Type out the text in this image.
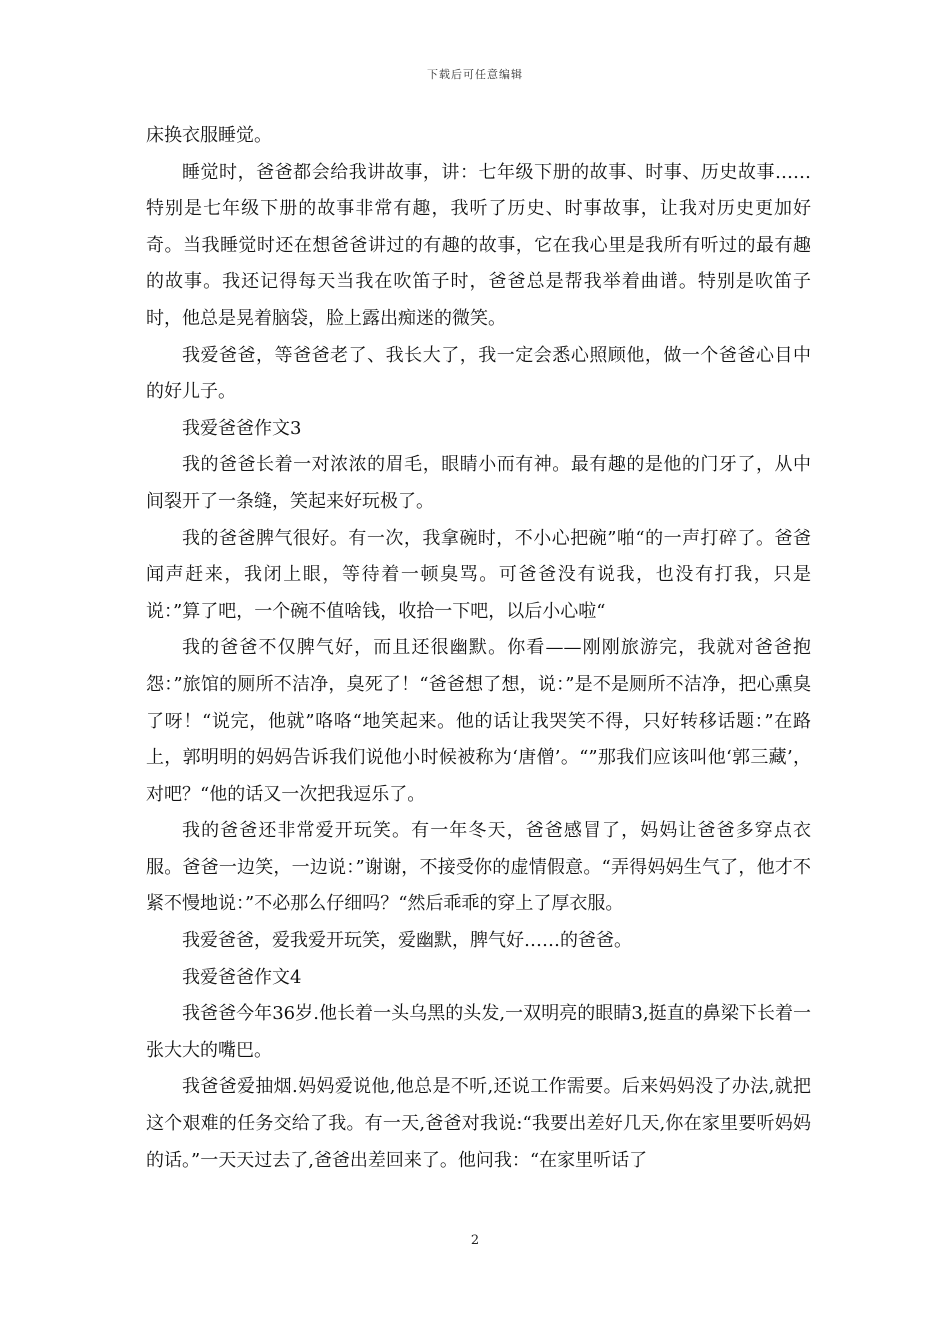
下载后可任意编辑

床换衣服睡觉。

睡觉时，爸爸都会给我讲故事，讲：七年级下册的故事、时事、历史故事……特别是七年级下册的故事非常有趣，我听了历史、时事故事，让我对历史更加好奇。当我睡觉时还在想爸爸讲过的有趣的故事，它在我心里是我所有听过的最有趣的故事。我还记得每天当我在吹笛子时，爸爸总是帮我举着曲谱。特别是吹笛子时，他总是晃着脑袋，脸上露出痴迷的微笑。

我爱爸爸，等爸爸老了、我长大了，我一定会悉心照顾他，做一个爸爸心目中的好儿子。

我爱爸爸作文3

我的爸爸长着一对浓浓的眉毛，眼睛小而有神。最有趣的是他的门牙了，从中间裂开了一条缝，笑起来好玩极了。

我的爸爸脾气很好。有一次，我拿碗时，不小心把碗”啪“的一声打碎了。爸爸闻声赶来，我闭上眼，等待着一顿臭骂。可爸爸没有说我，也没有打我，只是说：”算了吧，一个碗不值啥钱，收拾一下吧，以后小心啦“

我的爸爸不仅脾气好，而且还很幽默。你看——刚刚旅游完，我就对爸爸抱怨：”旅馆的厕所不洁净，臭死了！“爸爸想了想，说：”是不是厕所不洁净，把心熏臭了呀！“说完，他就”咯咯“地笑起来。他的话让我哭笑不得，只好转移话题：”在路上，郭明明的妈妈告诉我们说他小时候被称为‘唐僧’。“”那我们应该叫他‘郭三藏’，对吧？“他的话又一次把我逗乐了。

我的爸爸还非常爱开玩笑。有一年冬天，爸爸感冒了，妈妈让爸爸多穿点衣服。爸爸一边笑，一边说：”谢谢，不接受你的虚情假意。“弄得妈妈生气了，他才不紧不慢地说：”不必那么仔细吗？“然后乖乖的穿上了厚衣服。

我爱爸爸，爱我爱开玩笑，爱幽默，脾气好……的爸爸。

我爱爸爸作文4

我爸爸今年36岁.他长着一头乌黑的头发,一双明亮的眼睛3,挺直的鼻梁下长着一张大大的嘴巴。

我爸爸爱抽烟.妈妈爱说他,他总是不听,还说工作需要。后来妈妈没了办法,就把这个艰难的任务交给了我。有一天,爸爸对我说:“我要出差好几天,你在家里要听妈妈的话。”一天天过去了,爸爸出差回来了。他问我：“在家里听话了

2
